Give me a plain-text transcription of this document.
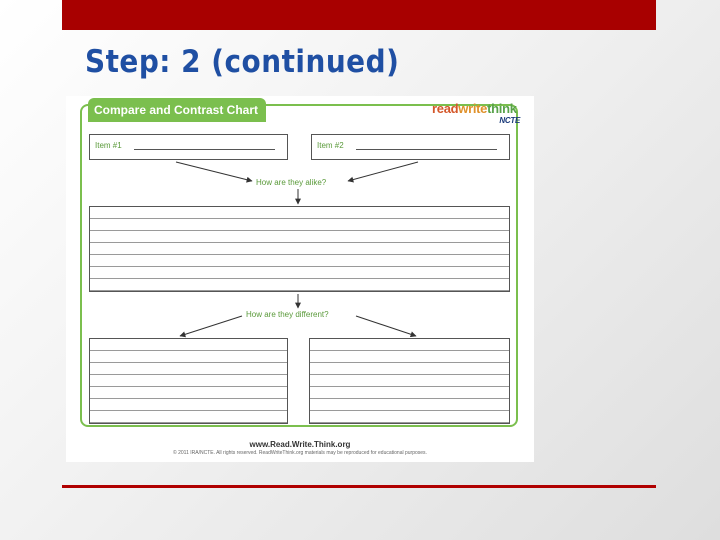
Step: 2 (continued)
Compare and Contrast Chart	readwritethink
NCTE
Item #1	Item #2
How are they alike?
How are they different?
www.Read.Write.Think.org
© 2011 IRA/NCTE. All rights reserved. ReadWriteThink.org materials may be reproduced for educational purposes.
